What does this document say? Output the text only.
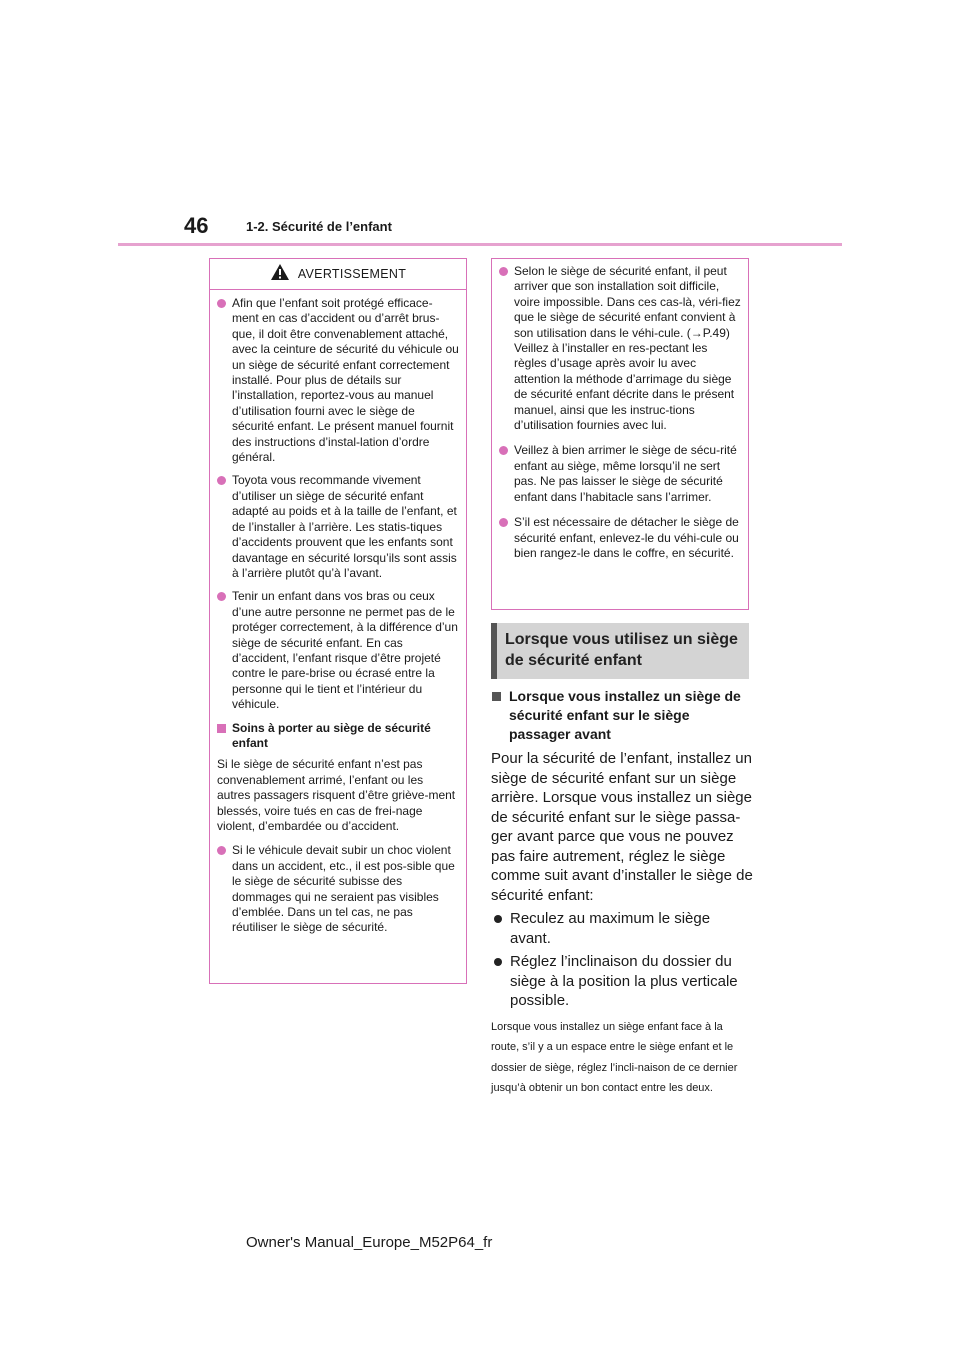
46	1-2. Sécurité de l’enfant
AVERTISSEMENT
Afin que l’enfant soit protégé efficace-ment en cas d’accident ou d’arrêt brus-que, il doit être convenablement attaché, avec la ceinture de sécurité du véhicule ou un siège de sécurité enfant correctement installé. Pour plus de détails sur l’installation, reportez-vous au manuel d’utilisation fourni avec le siège de sécurité enfant. Le présent manuel fournit des instructions d’instal-lation d’ordre général.
Toyota vous recommande vivement d’utiliser un siège de sécurité enfant adapté au poids et à la taille de l’enfant, et de l’installer à l’arrière. Les statis-tiques d’accidents prouvent que les enfants sont davantage en sécurité lorsqu’ils sont assis à l’arrière plutôt qu’à l’avant.
Tenir un enfant dans vos bras ou ceux d’une autre personne ne permet pas de le protéger correctement, à la différence d’un siège de sécurité enfant. En cas d’accident, l’enfant risque d’être projeté contre le pare-brise ou écrasé entre la personne qui le tient et l’intérieur du véhicule.
Soins à porter au siège de sécurité enfant
Si le siège de sécurité enfant n’est pas convenablement arrimé, l’enfant ou les autres passagers risquent d’être griève-ment blessés, voire tués en cas de frei-nage violent, d’embardée ou d’accident.
Si le véhicule devait subir un choc violent dans un accident, etc., il est pos-sible que le siège de sécurité subisse des dommages qui ne seraient pas visibles d’emblée. Dans un tel cas, ne pas réutiliser le siège de sécurité.
Selon le siège de sécurité enfant, il peut arriver que son installation soit difficile, voire impossible. Dans ces cas-là, véri-fiez que le siège de sécurité enfant convient à son utilisation dans le véhi-cule. (→P.49) Veillez à l’installer en res-pectant les règles d’usage après avoir lu avec attention la méthode d’arrimage du siège de sécurité enfant décrite dans le présent manuel, ainsi que les instruc-tions d’utilisation fournies avec lui.
Veillez à bien arrimer le siège de sécu-rité enfant au siège, même lorsqu’il ne sert pas. Ne pas laisser le siège de sécurité enfant dans l’habitacle sans l’arrimer.
S’il est nécessaire de détacher le siège de sécurité enfant, enlevez-le du véhi-cule ou bien rangez-le dans le coffre, en sécurité.
Lorsque vous utilisez un siège de sécurité enfant
Lorsque vous installez un siège de sécurité enfant sur le siège passager avant
Pour la sécurité de l’enfant, installez un siège de sécurité enfant sur un siège arrière. Lorsque vous installez un siège de sécurité enfant sur le siège passa-ger avant parce que vous ne pouvez pas faire autrement, réglez le siège comme suit avant d’installer le siège de sécurité enfant:
Reculez au maximum le siège avant.
Réglez l’inclinaison du dossier du siège à la position la plus verticale possible.
Lorsque vous installez un siège enfant face à la route, s’il y a un espace entre le siège enfant et le dossier de siège, réglez l’incli-naison de ce dernier jusqu’à obtenir un bon contact entre les deux.
Owner's Manual_Europe_M52P64_fr
